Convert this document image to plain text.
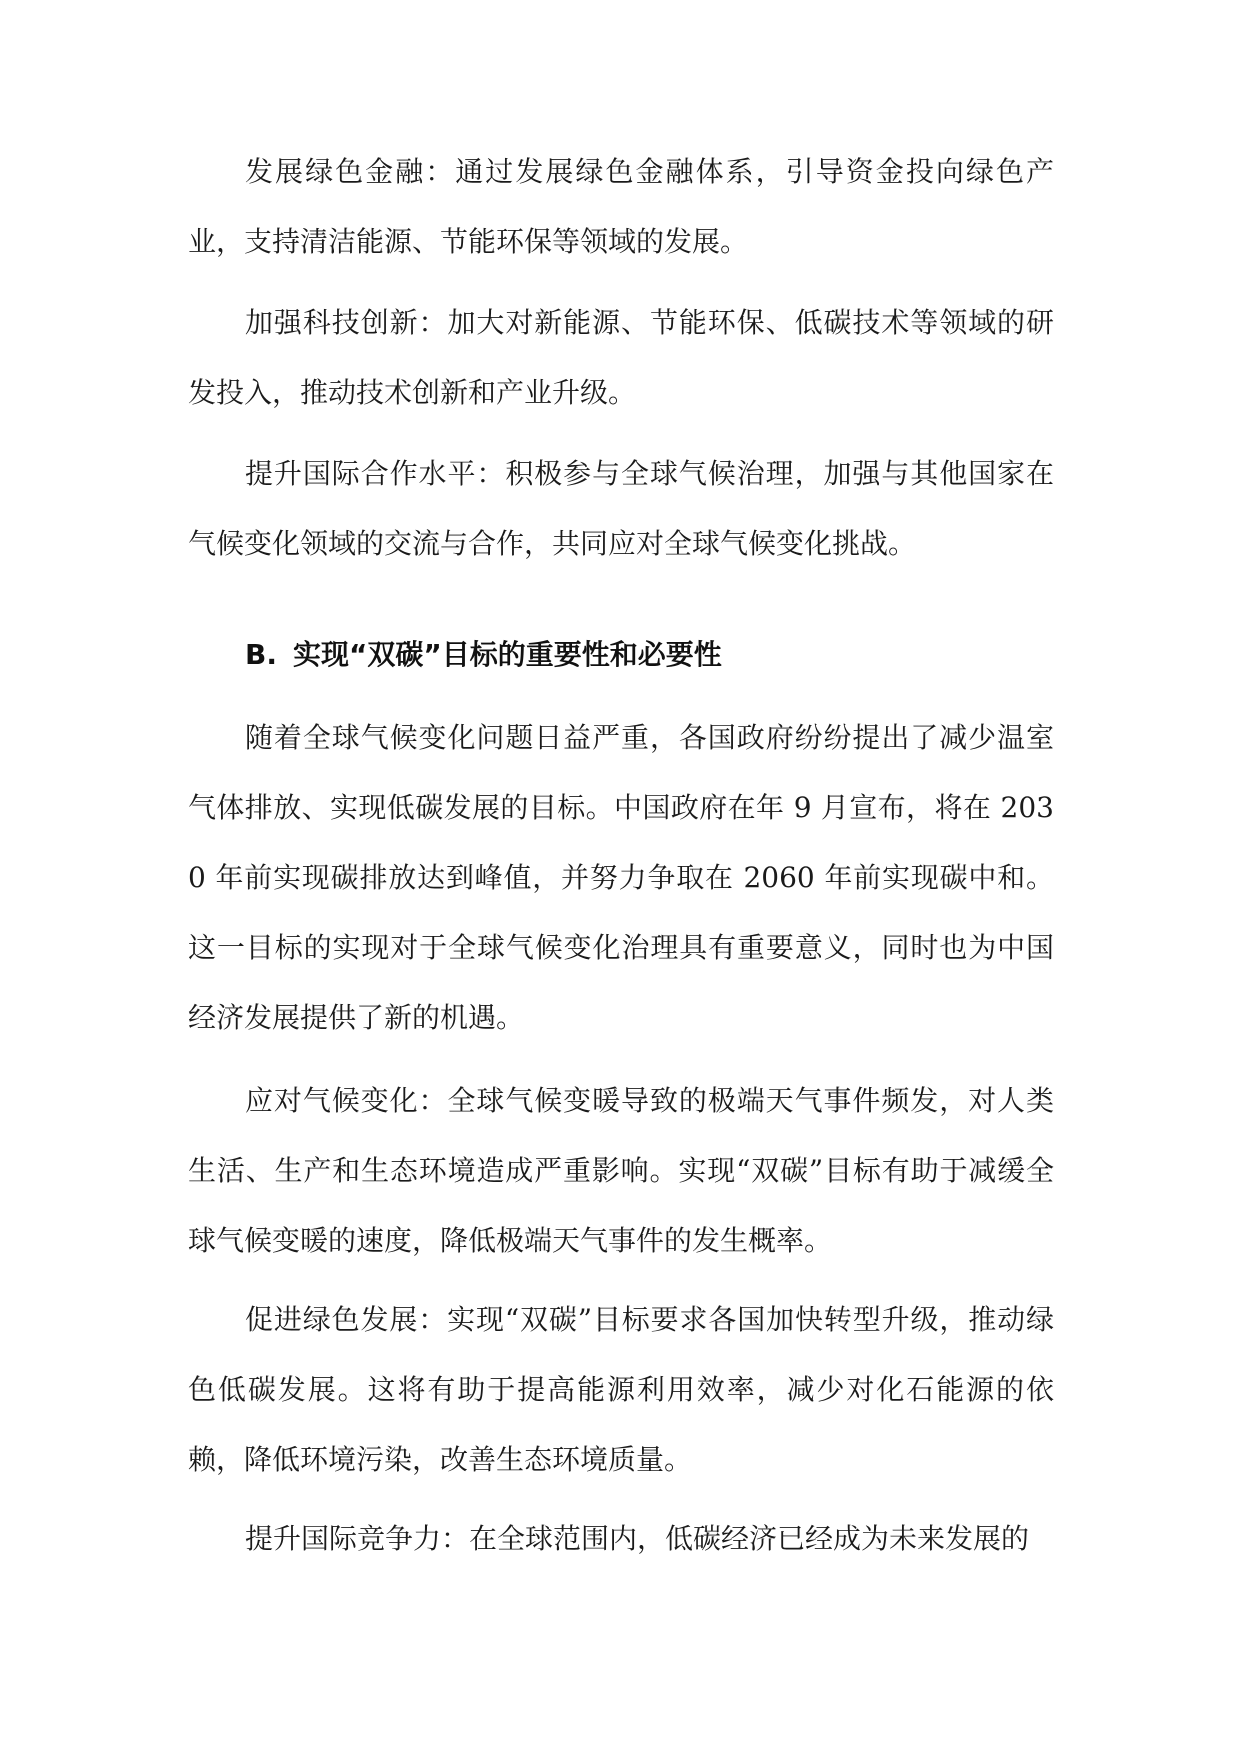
发展绿色金融：通过发展绿色金融体系，引导资金投向绿色产业，支持清洁能源、节能环保等领域的发展。

加强科技创新：加大对新能源、节能环保、低碳技术等领域的研发投入，推动技术创新和产业升级。

提升国际合作水平：积极参与全球气候治理，加强与其他国家在气候变化领域的交流与合作，共同应对全球气候变化挑战。

B. 实现“双碳”目标的重要性和必要性

随着全球气候变化问题日益严重，各国政府纷纷提出了减少温室气体排放、实现低碳发展的目标。中国政府在年 9 月宣布，将在 2030 年前实现碳排放达到峰值，并努力争取在 2060 年前实现碳中和。这一目标的实现对于全球气候变化治理具有重要意义，同时也为中国经济发展提供了新的机遇。

应对气候变化：全球气候变暖导致的极端天气事件频发，对人类生活、生产和生态环境造成严重影响。实现“双碳”目标有助于减缓全球气候变暖的速度，降低极端天气事件的发生概率。

促进绿色发展：实现“双碳”目标要求各国加快转型升级，推动绿色低碳发展。这将有助于提高能源利用效率，减少对化石能源的依赖，降低环境污染，改善生态环境质量。

提升国际竞争力：在全球范围内，低碳经济已经成为未来发展的
